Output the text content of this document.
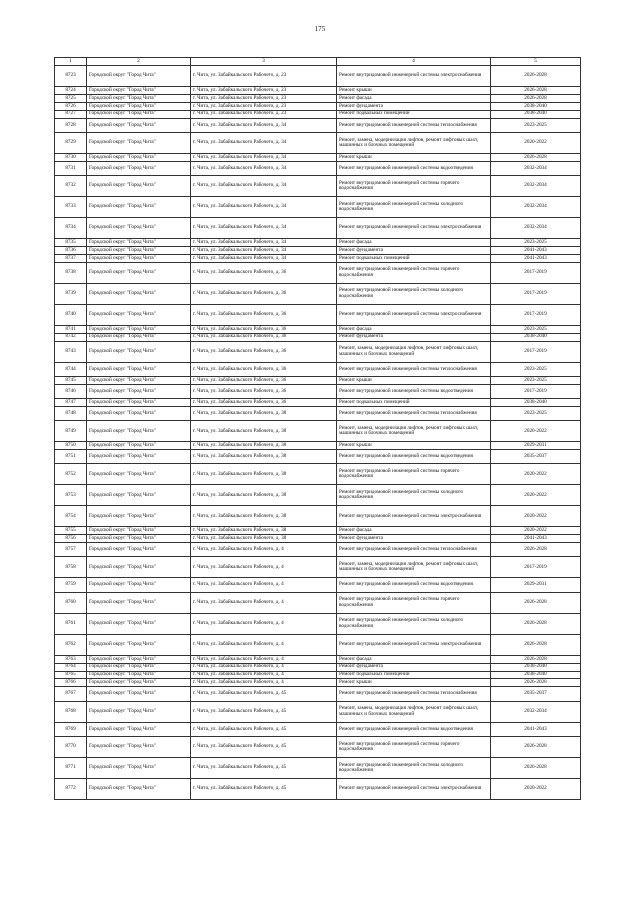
175
1	2	3	4	5
8723	Городской округ "Город Чита"	г. Чита, ул. Забайкальского Рабочего, д. 23	Ремонт внутридомовой инженерной системы электроснабжения	2026-2028
8724	Городской округ "Город Чита"	г. Чита, ул. Забайкальского Рабочего, д. 23	Ремонт крыши	2026-2028
8725	Городской округ "Город Чита"	г. Чита, ул. Забайкальского Рабочего, д. 23	Ремонт фасада	2026-2028
8726	Городской округ "Город Чита"	г. Чита, ул. Забайкальского Рабочего, д. 23	Ремонт фундамента	2038-2040
8727	Городской округ "Город Чита"	г. Чита, ул. Забайкальского Рабочего, д. 23	Ремонт подвальных помещений	2038-2040
8728	Городской округ "Город Чита"	г. Чита, ул. Забайкальского Рабочего, д. 34	Ремонт внутридомовой инженерной системы теплоснабжения	2023-2025
8729	Городской округ "Город Чита"	г. Чита, ул. Забайкальского Рабочего, д. 34	Ремонт, замена, модернизация лифтов, ремонт лифтовых шахт, машинных и блочных помещений	2020-2022
8730	Городской округ "Город Чита"	г. Чита, ул. Забайкальского Рабочего, д. 34	Ремонт крыши	2026-2028
8731	Городской округ "Город Чита"	г. Чита, ул. Забайкальского Рабочего, д. 34	Ремонт внутридомовой инженерной системы водоотведения	2032-2034
8732	Городской округ "Город Чита"	г. Чита, ул. Забайкальского Рабочего, д. 34	Ремонт внутридомовой инженерной системы горячего водоснабжения	2032-2034
8733	Городской округ "Город Чита"	г. Чита, ул. Забайкальского Рабочего, д. 34	Ремонт внутридомовой инженерной системы холодного водоснабжения	2032-2034
8734	Городской округ "Город Чита"	г. Чита, ул. Забайкальского Рабочего, д. 34	Ремонт внутридомовой инженерной системы электроснабжения	2032-2034
8735	Городской округ "Город Чита"	г. Чита, ул. Забайкальского Рабочего, д. 34	Ремонт фасада	2023-2025
8736	Городской округ "Город Чита"	г. Чита, ул. Забайкальского Рабочего, д. 34	Ремонт фундамента	2041-2043
8737	Городской округ "Город Чита"	г. Чита, ул. Забайкальского Рабочего, д. 34	Ремонт подвальных помещений	2041-2043
8738	Городской округ "Город Чита"	г. Чита, ул. Забайкальского Рабочего, д. 36	Ремонт внутридомовой инженерной системы горячего водоснабжения	2017-2019
8739	Городской округ "Город Чита"	г. Чита, ул. Забайкальского Рабочего, д. 36	Ремонт внутридомовой инженерной системы холодного водоснабжения	2017-2019
8740	Городской округ "Город Чита"	г. Чита, ул. Забайкальского Рабочего, д. 36	Ремонт внутридомовой инженерной системы электроснабжения	2017-2019
8741	Городской округ "Город Чита"	г. Чита, ул. Забайкальского Рабочего, д. 36	Ремонт фасада	2023-2025
8742	Городской округ "Город Чита"	г. Чита, ул. Забайкальского Рабочего, д. 36	Ремонт фундамента	2038-2040
8743	Городской округ "Город Чита"	г. Чита, ул. Забайкальского Рабочего, д. 36	Ремонт, замена, модернизация лифтов, ремонт лифтовых шахт, машинных и блочных помещений	2017-2019
8744	Городской округ "Город Чита"	г. Чита, ул. Забайкальского Рабочего, д. 36	Ремонт внутридомовой инженерной системы теплоснабжения	2023-2025
8745	Городской округ "Город Чита"	г. Чита, ул. Забайкальского Рабочего, д. 36	Ремонт крыши	2023-2025
8746	Городской округ "Город Чита"	г. Чита, ул. Забайкальского Рабочего, д. 36	Ремонт внутридомовой инженерной системы водоотведения	2017-2019
8747	Городской округ "Город Чита"	г. Чита, ул. Забайкальского Рабочего, д. 36	Ремонт подвальных помещений	2038-2040
8748	Городской округ "Город Чита"	г. Чита, ул. Забайкальского Рабочего, д. 38	Ремонт внутридомовой инженерной системы теплоснабжения	2023-2025
8749	Городской округ "Город Чита"	г. Чита, ул. Забайкальского Рабочего, д. 38	Ремонт, замена, модернизация лифтов, ремонт лифтовых шахт, машинных и блочных помещений	2020-2022
8750	Городской округ "Город Чита"	г. Чита, ул. Забайкальского Рабочего, д. 38	Ремонт крыши	2029-2031
8751	Городской округ "Город Чита"	г. Чита, ул. Забайкальского Рабочего, д. 38	Ремонт внутридомовой инженерной системы водоотведения	2035-2037
8752	Городской округ "Город Чита"	г. Чита, ул. Забайкальского Рабочего, д. 38	Ремонт внутридомовой инженерной системы горячего водоснабжения	2020-2022
8753	Городской округ "Город Чита"	г. Чита, ул. Забайкальского Рабочего, д. 38	Ремонт внутридомовой инженерной системы холодного водоснабжения	2020-2022
8754	Городской округ "Город Чита"	г. Чита, ул. Забайкальского Рабочего, д. 38	Ремонт внутридомовой инженерной системы электроснабжения	2020-2022
8755	Городской округ "Город Чита"	г. Чита, ул. Забайкальского Рабочего, д. 38	Ремонт фасада	2020-2022
8756	Городской округ "Город Чита"	г. Чита, ул. Забайкальского Рабочего, д. 38	Ремонт фундамента	2041-2043
8757	Городской округ "Город Чита"	г. Чита, ул. Забайкальского Рабочего, д. 4	Ремонт внутридомовой инженерной системы теплоснабжения	2026-2028
8758	Городской округ "Город Чита"	г. Чита, ул. Забайкальского Рабочего, д. 4	Ремонт, замена, модернизация лифтов, ремонт лифтовых шахт, машинных и блочных помещений	2017-2019
8759	Городской округ "Город Чита"	г. Чита, ул. Забайкальского Рабочего, д. 4	Ремонт внутридомовой инженерной системы водоотведения	2029-2031
8760	Городской округ "Город Чита"	г. Чита, ул. Забайкальского Рабочего, д. 4	Ремонт внутридомовой инженерной системы горячего водоснабжения	2026-2028
8761	Городской округ "Город Чита"	г. Чита, ул. Забайкальского Рабочего, д. 4	Ремонт внутридомовой инженерной системы холодного водоснабжения	2026-2028
8762	Городской округ "Город Чита"	г. Чита, ул. Забайкальского Рабочего, д. 4	Ремонт внутридомовой инженерной системы электроснабжения	2026-2028
8763	Городской округ "Город Чита"	г. Чита, ул. Забайкальского Рабочего, д. 4	Ремонт фасада	2026-2028
8764	Городской округ "Город Чита"	г. Чита, ул. Забайкальского Рабочего, д. 4	Ремонт фундамента	2038-2040
8765	Городской округ "Город Чита"	г. Чита, ул. Забайкальского Рабочего, д. 4	Ремонт подвальных помещений	2038-2040
8766	Городской округ "Город Чита"	г. Чита, ул. Забайкальского Рабочего, д. 4	Ремонт крыши	2026-2028
8767	Городской округ "Город Чита"	г. Чита, ул. Забайкальского Рабочего, д. 45	Ремонт внутридомовой инженерной системы теплоснабжения	2035-2037
8768	Городской округ "Город Чита"	г. Чита, ул. Забайкальского Рабочего, д. 45	Ремонт, замена, модернизация лифтов, ремонт лифтовых шахт, машинных и блочных помещений	2032-2034
8769	Городской округ "Город Чита"	г. Чита, ул. Забайкальского Рабочего, д. 45	Ремонт внутридомовой инженерной системы водоотведения	2041-2043
8770	Городской округ "Город Чита"	г. Чита, ул. Забайкальского Рабочего, д. 45	Ремонт внутридомовой инженерной системы горячего водоснабжения	2026-2028
8771	Городской округ "Город Чита"	г. Чита, ул. Забайкальского Рабочего, д. 45	Ремонт внутридомовой инженерной системы холодного водоснабжения	2026-2028
8772	Городской округ "Город Чита"	г. Чита, ул. Забайкальского Рабочего, д. 45	Ремонт внутридомовой инженерной системы электроснабжения	2020-2022
